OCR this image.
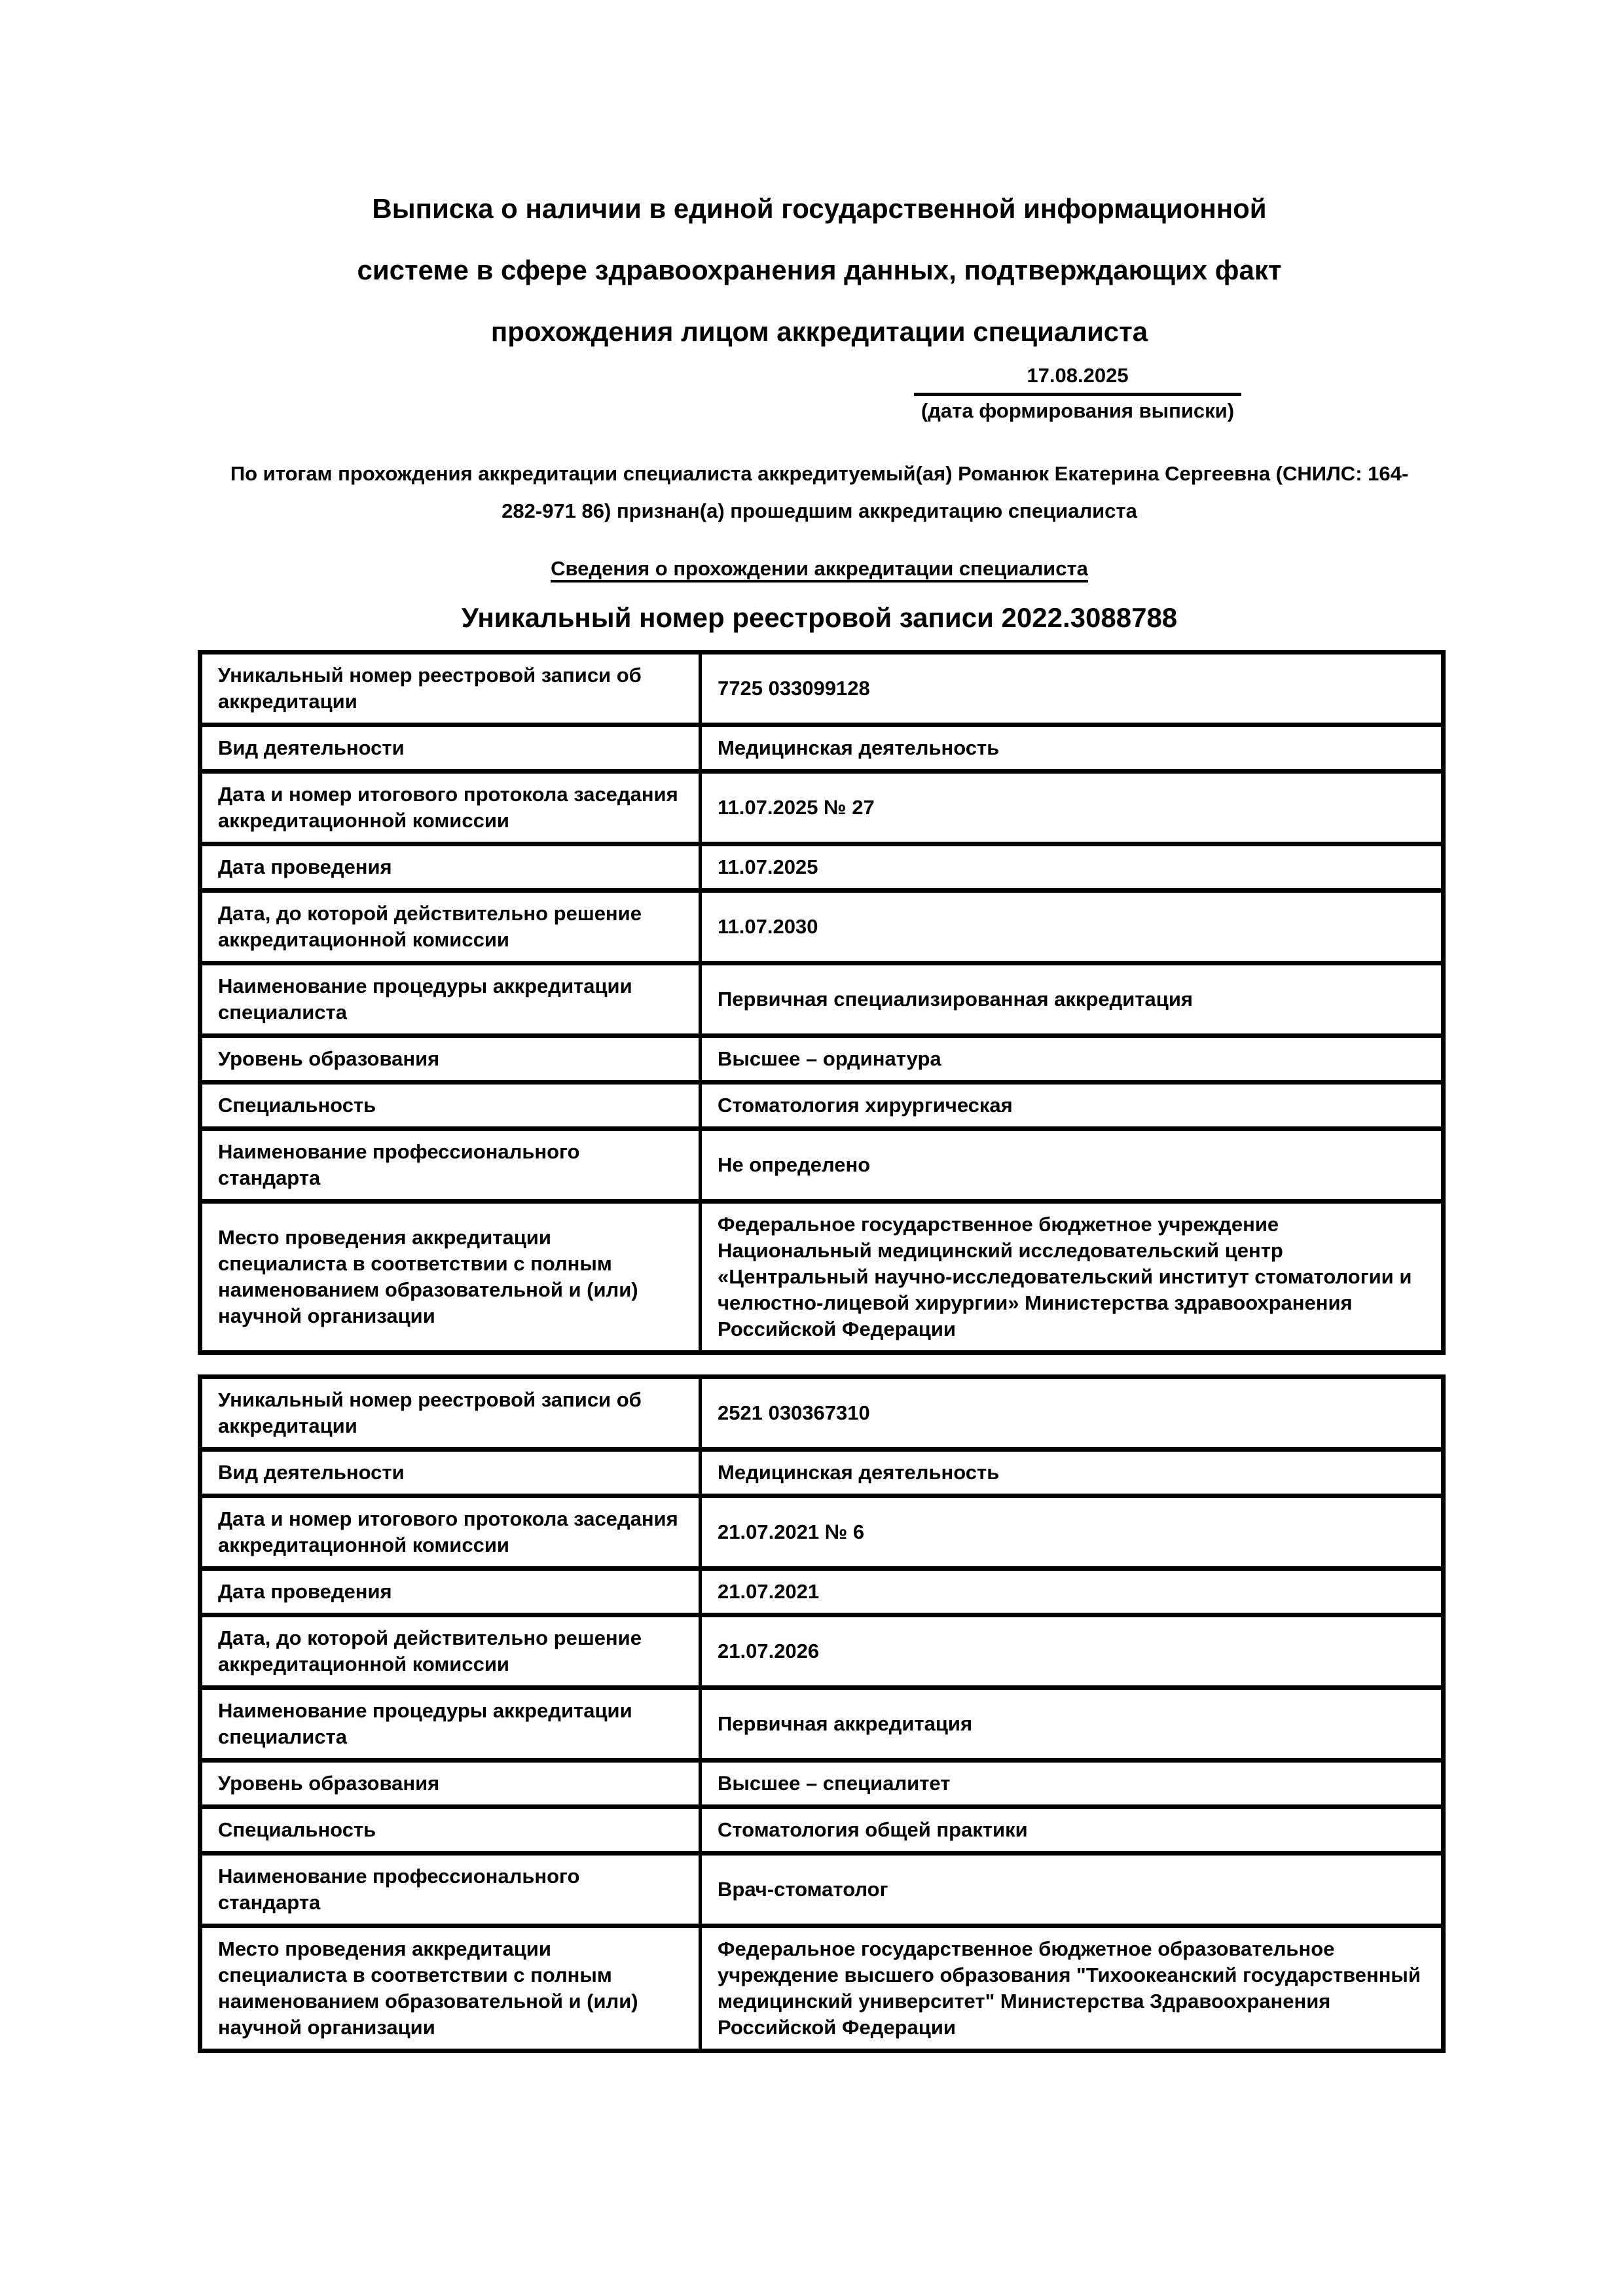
Выписка о наличии в единой государственной информационной
системе в сфере здравоохранения данных, подтверждающих факт
прохождения лицом аккредитации специалиста
17.08.2025
(дата формирования выписки)
По итогам прохождения аккредитации специалиста аккредитуемый(ая) Романюк Екатерина Сергеевна (СНИЛС: 164-
282-971 86) признан(а) прошедшим аккредитацию специалиста
Сведения о прохождении аккредитации специалиста
Уникальный номер реестровой записи 2022.3088788
Уникальный номер реестровой записи об аккредитации	7725 033099128
Вид деятельности	Медицинская деятельность
Дата и номер итогового протокола заседания аккредитационной комиссии	11.07.2025 № 27
Дата проведения	11.07.2025
Дата, до которой действительно решение аккредитационной комиссии	11.07.2030
Наименование процедуры аккредитации специалиста	Первичная специализированная аккредитация
Уровень образования	Высшее – ординатура
Специальность	Стоматология хирургическая
Наименование профессионального стандарта	Не определено
Место проведения аккредитации специалиста в соответствии с полным наименованием образовательной и (или) научной организации	Федеральное государственное бюджетное учреждение Национальный медицинский исследовательский центр «Центральный научно-исследовательский институт стоматологии и челюстно-лицевой хирургии» Министерства здравоохранения Российской Федерации
Уникальный номер реестровой записи об аккредитации	2521 030367310
Вид деятельности	Медицинская деятельность
Дата и номер итогового протокола заседания аккредитационной комиссии	21.07.2021 № 6
Дата проведения	21.07.2021
Дата, до которой действительно решение аккредитационной комиссии	21.07.2026
Наименование процедуры аккредитации специалиста	Первичная аккредитация
Уровень образования	Высшее – специалитет
Специальность	Стоматология общей практики
Наименование профессионального стандарта	Врач-стоматолог
Место проведения аккредитации специалиста в соответствии с полным наименованием образовательной и (или) научной организации	Федеральное государственное бюджетное образовательное учреждение высшего образования "Тихоокеанский государственный медицинский университет" Министерства Здравоохранения Российской Федерации
